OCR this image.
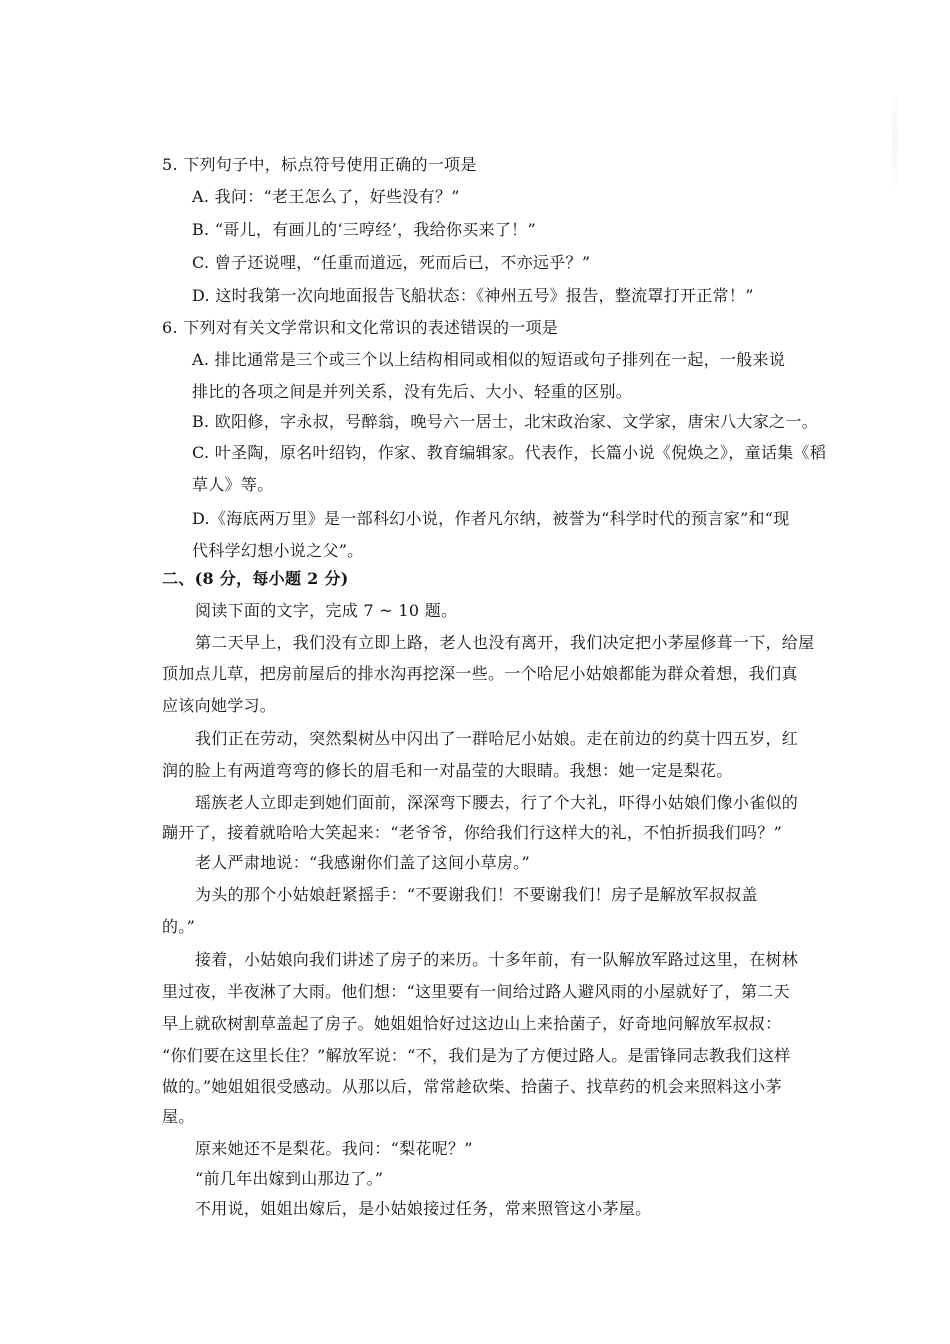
5. 下列句子中，标点符号使用正确的一项是
A. 我问：“老王怎么了，好些没有？”
B. “哥儿，有画儿的‘三哼经’，我给你买来了！”
C. 曾子还说哩，“任重而道远，死而后已，不亦远乎？”
D. 这时我第一次向地面报告飞船状态：《神州五号》报告，整流罩打开正常！”
6. 下列对有关文学常识和文化常识的表述错误的一项是
A. 排比通常是三个或三个以上结构相同或相似的短语或句子排列在一起，一般来说
排比的各项之间是并列关系，没有先后、大小、轻重的区别。
B. 欧阳修，字永叔，号醉翁，晚号六一居士，北宋政治家、文学家，唐宋八大家之一。
C. 叶圣陶，原名叶绍钧，作家、教育编辑家。代表作，长篇小说《倪焕之》，童话集《稻
草人》等。
D.《海底两万里》是一部科幻小说，作者凡尔纳，被誉为“科学时代的预言家”和“现
代科学幻想小说之父”。
二、(8 分，每小题 2 分)
阅读下面的文字，完成 7 ~ 10 题。
第二天早上，我们没有立即上路，老人也没有离开，我们决定把小茅屋修葺一下，给屋
顶加点儿草，把房前屋后的排水沟再挖深一些。一个哈尼小姑娘都能为群众着想，我们真
应该向她学习。
我们正在劳动，突然梨树丛中闪出了一群哈尼小姑娘。走在前边的约莫十四五岁，红
润的脸上有两道弯弯的修长的眉毛和一对晶莹的大眼睛。我想：她一定是梨花。
瑶族老人立即走到她们面前，深深弯下腰去，行了个大礼，吓得小姑娘们像小雀似的
蹦开了，接着就哈哈大笑起来：“老爷爷，你给我们行这样大的礼，不怕折损我们吗？”
老人严肃地说：“我感谢你们盖了这间小草房。”
为头的那个小姑娘赶紧摇手：“不要谢我们！不要谢我们！房子是解放军叔叔盖
的。”
接着，小姑娘向我们讲述了房子的来历。十多年前，有一队解放军路过这里，在树林
里过夜，半夜淋了大雨。他们想：“这里要有一间给过路人避风雨的小屋就好了，第二天
早上就砍树割草盖起了房子。她姐姐恰好过这边山上来拾菌子，好奇地问解放军叔叔：
“你们要在这里长住？”解放军说：“不，我们是为了方便过路人。是雷锋同志教我们这样
做的。”她姐姐很受感动。从那以后，常常趁砍柴、拾菌子、找草药的机会来照料这小茅
屋。
原来她还不是梨花。我问：“梨花呢？”
“前几年出嫁到山那边了。”
不用说，姐姐出嫁后，是小姑娘接过任务，常来照管这小茅屋。
